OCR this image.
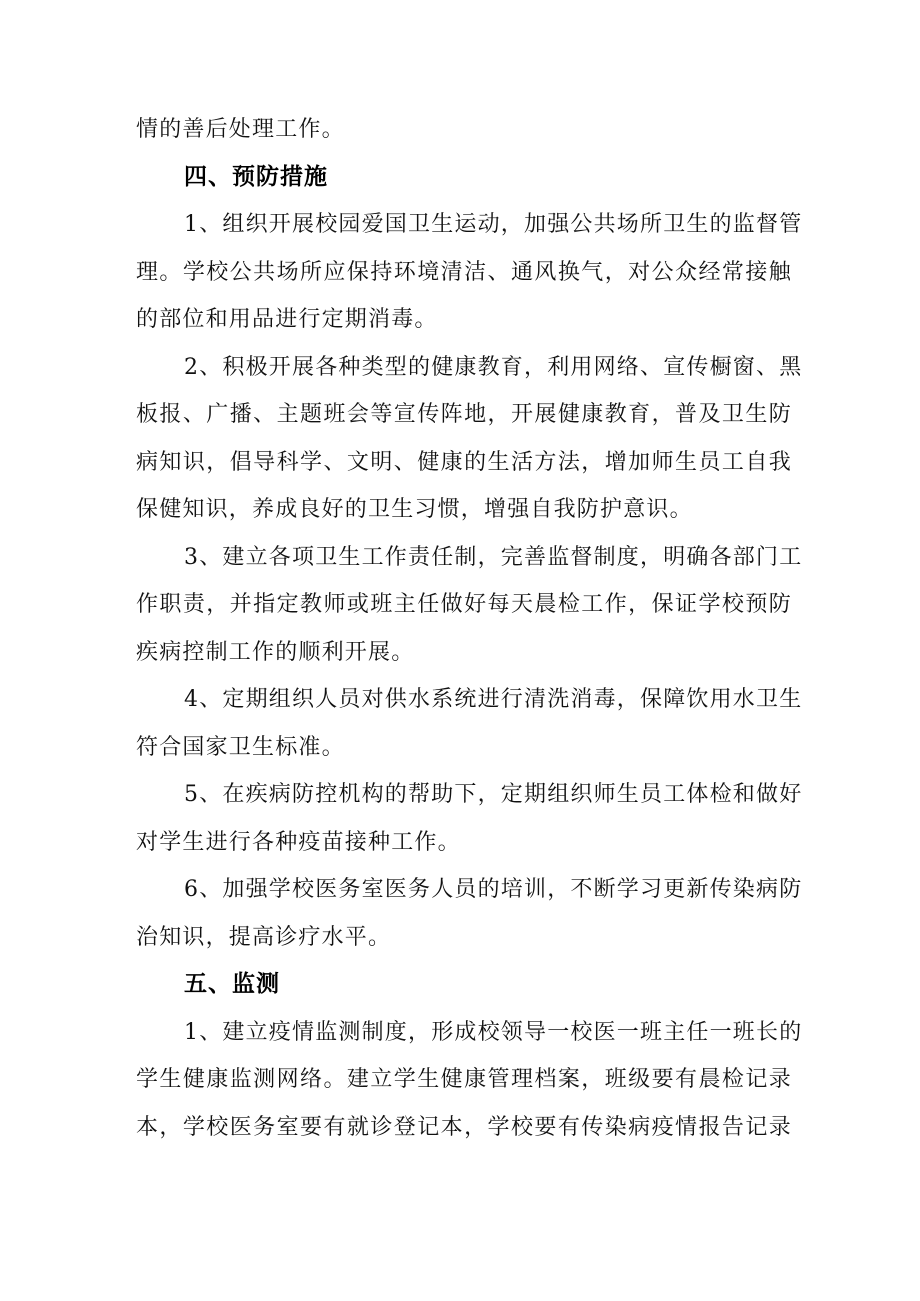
情的善后处理工作。
四、预防措施
1、组织开展校园爱国卫生运动，加强公共场所卫生的监督管
理。学校公共场所应保持环境清洁、通风换气，对公众经常接触
的部位和用品进行定期消毒。
2、积极开展各种类型的健康教育，利用网络、宣传橱窗、黑
板报、广播、主题班会等宣传阵地，开展健康教育，普及卫生防
病知识，倡导科学、文明、健康的生活方法，增加师生员工自我
保健知识，养成良好的卫生习惯，增强自我防护意识。
3、建立各项卫生工作责任制，完善监督制度，明确各部门工
作职责，并指定教师或班主任做好每天晨检工作，保证学校预防
疾病控制工作的顺利开展。
4、定期组织人员对供水系统进行清洗消毒，保障饮用水卫生
符合国家卫生标准。
5、在疾病防控机构的帮助下，定期组织师生员工体检和做好
对学生进行各种疫苗接种工作。
6、加强学校医务室医务人员的培训，不断学习更新传染病防
治知识，提高诊疗水平。
五、监测
1、建立疫情监测制度，形成校领导一校医一班主任一班长的
学生健康监测网络。建立学生健康管理档案，班级要有晨检记录
本，学校医务室要有就诊登记本，学校要有传染病疫情报告记录
